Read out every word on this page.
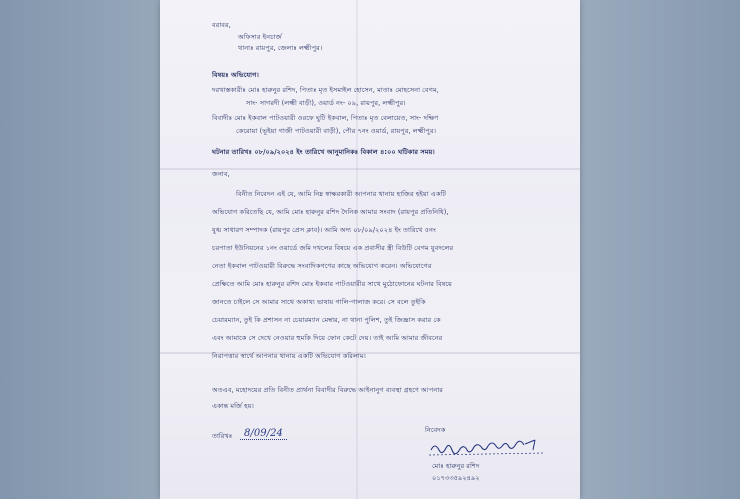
বরাবর,
অফিসার ইনচার্জ
থানাঃ রায়পুর, জেলাঃ লক্ষ্মীপুর।
বিষয়ঃ অভিযোগ।
দরখাস্তকারীঃ মোঃ হারুনুর রশিদ, পিতাঃ মৃত ইসমাইল হোসেন, মাতাঃ মোহসেনা বেগম,
সাং- সাগরদী (লক্ষ্মী বাড়ী), ওয়ার্ড নং- ০৯, রায়পুর, লক্ষ্মীপুর।
বিবাদীঃ মোঃ ইকবাল পাটওয়ারী ওরফে ঘুটি ইকবাল, পিতাঃ মৃত বেলায়েত, সাং- দক্ষিণ
কেরোয়া (ভূইয়া গাজী পাটওয়ারী বাড়ী), পৌর ৭নং ওয়ার্ড, রায়পুর, লক্ষ্মীপুর।
ঘটনার তারিখঃ ০৮/০৯/২০২৪ ইং তারিখে আনুমানিকঃ বিকাল ৪:০০ ঘটিকার সময়।
জনাব,
বিনীত নিবেদন এই যে, আমি নিম্ন স্বাক্ষরকারী আপনার থানায় হাজির হইয়া একটি
অভিযোগ করিতেছি যে, আমি মোঃ হারুনুর রশিদ দৈনিক আমার সংবাদ (রায়পুর প্রতিনিধি),
যুগ্ম সাধারণ সম্পাদক (রায়পুর প্রেস ক্লাব)। আমি অদ্য ০৮/০৯/২০২৪ ইং তারিখে ৫নং
চরপাতা ইউনিয়নের ১নং ওয়ার্ডে জমি দখলের বিষয়ে এক প্রবাসীর স্ত্রী বিউটি বেগম যুবদলের
নেতা ইকবাল পাটওয়ারী বিরুদ্ধে সংবাদিকগণের কাছে অভিযোগ করেন। অভিযোগের
প্রেক্ষিতে আমি মোঃ হারুনুর রশিদ মোঃ ইকবার পাটওয়ারীর সাথে মুঠোফোনের ঘটনার বিষয়ে
জানতে চাইলে সে আমার সাথে অকাথ্য ভাষায় গালি-গালাজ করে। সে বলে তুইকি
চেয়ারম্যান, তুই কি প্রশাসন না চেয়ারম্যান মেম্বার, না থানা পুলিশ, তুই জিজ্ঞাস করার কে
এবং আমাকে সে দেখে নেওয়ার হুমকি দিয়ে ফোন কেটে দেয়। তাই আমি আমার জীবনের
নিরাপত্তার স্বার্থে আপনার থানায় একটি অভিযোগ করিলাম।
অতএব, মহোদয়ের প্রতি বিনীত প্রার্থনা বিবাদীর বিরুদ্ধে আইনানুগ ব্যবস্থা গ্রহণে আপনার
একান্ত মর্জি হয়।
নিবেদক
তারিখঃ	8/09/24
মোঃ হারুনুর রশিদ
০১৭৩৩৫৯২৪৯২
